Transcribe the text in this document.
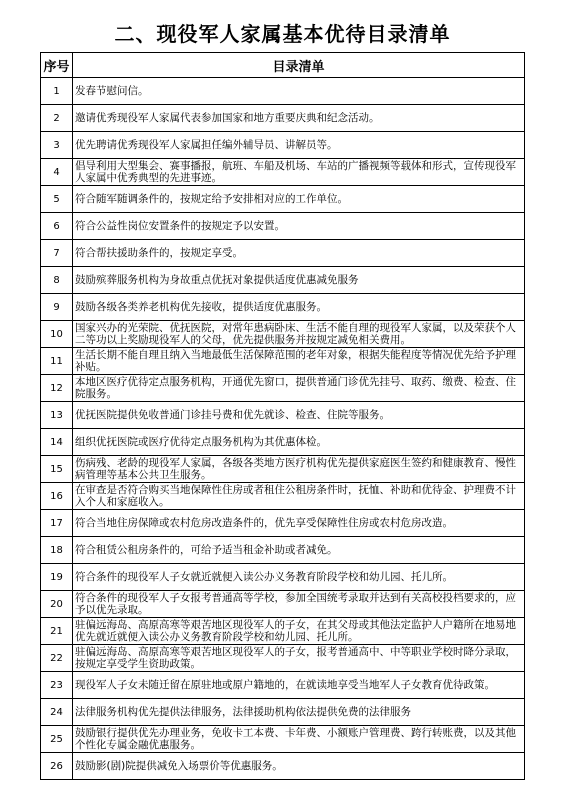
二、现役军人家属基本优待目录清单
序号	目录清单
1	发春节慰问信。
2	邀请优秀现役军人家属代表参加国家和地方重要庆典和纪念活动。
3	优先聘请优秀现役军人家属担任编外辅导员、讲解员等。
4	倡导利用大型集会、赛事播报，航班、车船及机场、车站的广播视频等载体和形式，宣传现役军人家属中优秀典型的先进事迹。
5	符合随军随调条件的，按规定给予安排相对应的工作单位。
6	符合公益性岗位安置条件的按规定予以安置。
7	符合帮扶援助条件的，按规定享受。
8	鼓励殡葬服务机构为身故重点优抚对象提供适度优惠减免服务
9	鼓励各级各类养老机构优先接收，提供适度优惠服务。
10	国家兴办的光荣院、优抚医院，对常年患病卧床、生活不能自理的现役军人家属，以及荣获个人二等功以上奖励现役军人的父母，优先提供服务并按规定减免相关费用。
11	生活长期不能自理且纳入当地最低生活保障范围的老年对象，根据失能程度等情况优先给予护理补贴。
12	本地区医疗优待定点服务机构，开通优先窗口，提供普通门诊优先挂号、取药、缴费、检查、住院服务。
13	优抚医院提供免收普通门诊挂号费和优先就诊、检查、住院等服务。
14	组织优抚医院或医疗优待定点服务机构为其优惠体检。
15	伤病残、老龄的现役军人家属，各级各类地方医疗机构优先提供家庭医生签约和健康教育、慢性病管理等基本公共卫生服务。
16	在审查是否符合购买当地保障性住房或者租住公租房条件时，抚恤、补助和优待金、护理费不计入个人和家庭收入。
17	符合当地住房保障或农村危房改造条件的，优先享受保障性住房或农村危房改造。
18	符合租赁公租房条件的，可给予适当租金补助或者减免。
19	符合条件的现役军人子女就近就便入读公办义务教育阶段学校和幼儿园、托儿所。
20	符合条件的现役军人子女报考普通高等学校，参加全国统考录取并达到有关高校投档要求的，应予以优先录取。
21	驻偏远海岛、高原高寒等艰苦地区现役军人的子女，在其父母或其他法定监护人户籍所在地易地优先就近就便入读公办义务教育阶段学校和幼儿园、托儿所。
22	驻偏远海岛、高原高寒等艰苦地区现役军人的子女，报考普通高中、中等职业学校时降分录取，按规定享受学生资助政策。
23	现役军人子女未随迁留在原驻地或原户籍地的，在就读地享受当地军人子女教育优待政策。
24	法律服务机构优先提供法律服务，法律援助机构依法提供免费的法律服务
25	鼓励银行提供优先办理业务，免收卡工本费、卡年费、小额账户管理费、跨行转账费，以及其他个性化专属金融优惠服务。
26	鼓励影(剧)院提供减免入场票价等优惠服务。
